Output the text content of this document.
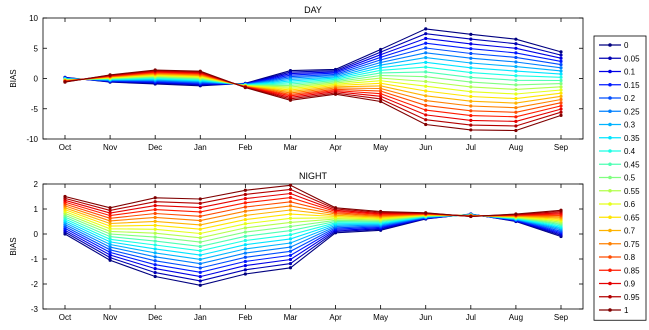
DAY
BIAS
-10
-5
0
5
10
Oct	Nov	Dec	Jan	Feb	Mar	Apr	May	Jun	Jul	Aug	Sep
NIGHT
BIAS
-3
-2
-1
0
1
2
Oct	Nov	Dec	Jan	Feb	Mar	Apr	May	Jun	Jul	Aug	Sep
0
0.05
0.1
0.15
0.2
0.25
0.3
0.35
0.4
0.45
0.5
0.55
0.6
0.65
0.7
0.75
0.8
0.85
0.9
0.95
1
